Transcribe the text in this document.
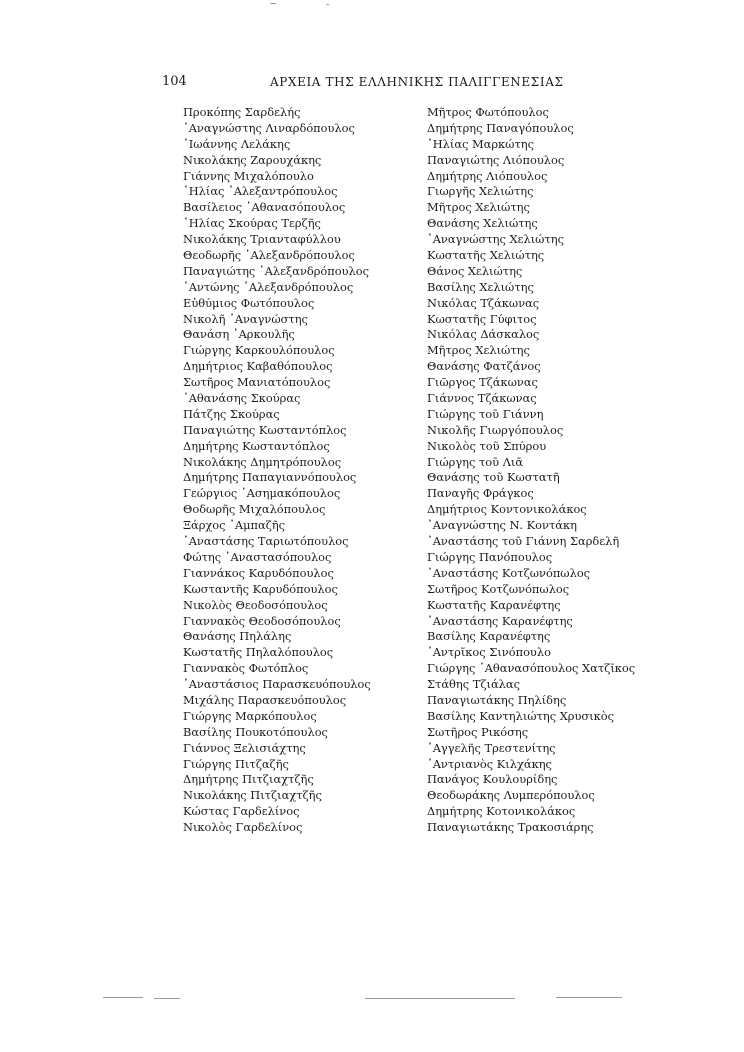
104	ΑΡΧΕΙΑ ΤΗΣ ΕΛΛΗΝΙΚΗΣ ΠΑΛΙΓΓΕΝΕΣΙΑΣ
Προκόπης Σαρδελής
᾿Αναγνώστης Λιναρδόπουλος
᾿Ιωάννης Λελάκης
Νικολάκης Ζαρουχάκης
Γιάννης Μιχαλόπουλο
᾿Ηλίας ᾿Αλεξαντρόπουλος
Βασίλειος ᾿Αθανασόπουλος
᾿Ηλίας Σκούρας Τερζῆς
Νικολάκης Τριανταφύλλου
Θεοδωρῆς ᾿Αλεξανδρόπουλος
Παναγιώτης ᾿Αλεξανδρόπουλος
᾿Αντώνης ᾿Αλεξανδρόπουλος
Εὐθύμιος Φωτόπουλος
Νικολῆ ᾿Αναγνώστης
Θανάση ᾿Αρκουλῆς
Γιώργης Καρκουλόπουλος
Δημήτριος Καβαθόπουλος
Σωτῆρος Μανιατόπουλος
᾿Αθανάσης Σκούρας
Πάτζης Σκούρας
Παναγιώτης Κωσταντόπλος
Δημήτρης Κωσταντόπλος
Νικολάκης Δημητρόπουλος
Δημήτρης Παπαγιαννόπουλος
Γεώργιος ᾿Ασημακόπουλος
Θοδωρῆς Μιχαλόπουλος
Ξάρχος ᾿Αμπαζῆς
᾿Αναστάσης Ταριωτόπουλος
Φώτης ᾿Αναστασόπουλος
Γιαννάκος Καρυδόπουλος
Κωσταντῆς Καρυδόπουλος
Νικολὸς Θεοδοσόπουλος
Γιαννακὸς Θεοδοσόπουλος
Θανάσης Πηλάλης
Κωστατῆς Πηλαλόπουλος
Γιαννακὸς Φωτόπλος
᾿Αναστάσιος Παρασκευόπουλος
Μιχάλης Παρασκευόπουλος
Γιώργης Μαρκόπουλος
Βασίλης Πουκοτόπουλος
Γιάννος Ξελισιάχτης
Γιώργης Πιτζαζῆς
Δημήτρης Πιτζιαχτζῆς
Νικολάκης Πιτζιαχτζῆς
Κώστας Γαρδελίνος
Νικολὸς Γαρδελίνος
Μῆτρος Φωτόπουλος
Δημήτρης Παναγόπουλος
᾿Ηλίας Μαρκώτης
Παναγιώτης Λιόπουλος
Δημήτρης Λιόπουλος
Γιωργῆς Χελιώτης
Μῆτρος Χελιώτης
Θανάσης Χελιώτης
᾿Αναγνώστης Χελιώτης
Κωστατῆς Χελιώτης
Θάνος Χελιώτης
Βασίλης Χελιώτης
Νικόλας Τζάκωνας
Κωστατῆς Γύφιτος
Νικόλας Δάσκαλος
Μῆτρος Χελιώτης
Θανάσης Φατζάνος
Γιῶργος Τζάκωνας
Γιάννος Τζάκωνας
Γιώργης τοῦ Γιάννη
Νικολῆς Γιωργόπουλος
Νικολὸς τοῦ Σπύρου
Γιώργης τοῦ Λιᾶ
Θανάσης τοῦ Κωστατῆ
Παναγῆς Φράγκος
Δημήτριος Κοντονικολάκος
᾿Αναγνώστης Ν. Κοντάκη
᾿Αναστάσης τοῦ Γιάννη Σαρδελῆ
Γιώργης Πανόπουλος
᾿Αναστάσης Κοτζωνόπωλος
Σωτῆρος Κοτζωνόπωλος
Κωστατῆς Καρανέφτης
᾿Αναστάσης Καρανέφτης
Βασίλης Καρανέφτης
᾿Αντρῖκος Σινόπουλο
Γιώργης ᾿Αθανασόπουλος Χατζῖκος
Στάθης Τζιάλας
Παναγιωτάκης Πηλίδης
Βασίλης Καντηλιώτης Χρυσικὸς
Σωτῆρος Ρικόσης
᾿Αγγελῆς Τρεστενίτης
᾿Αντριανὸς Κιλχάκης
Πανάγος Κουλουρίδης
Θεοδωράκης Λυμπερόπουλος
Δημήτρης Κοτονικολάκος
Παναγιωτάκης Τρακοσιάρης
